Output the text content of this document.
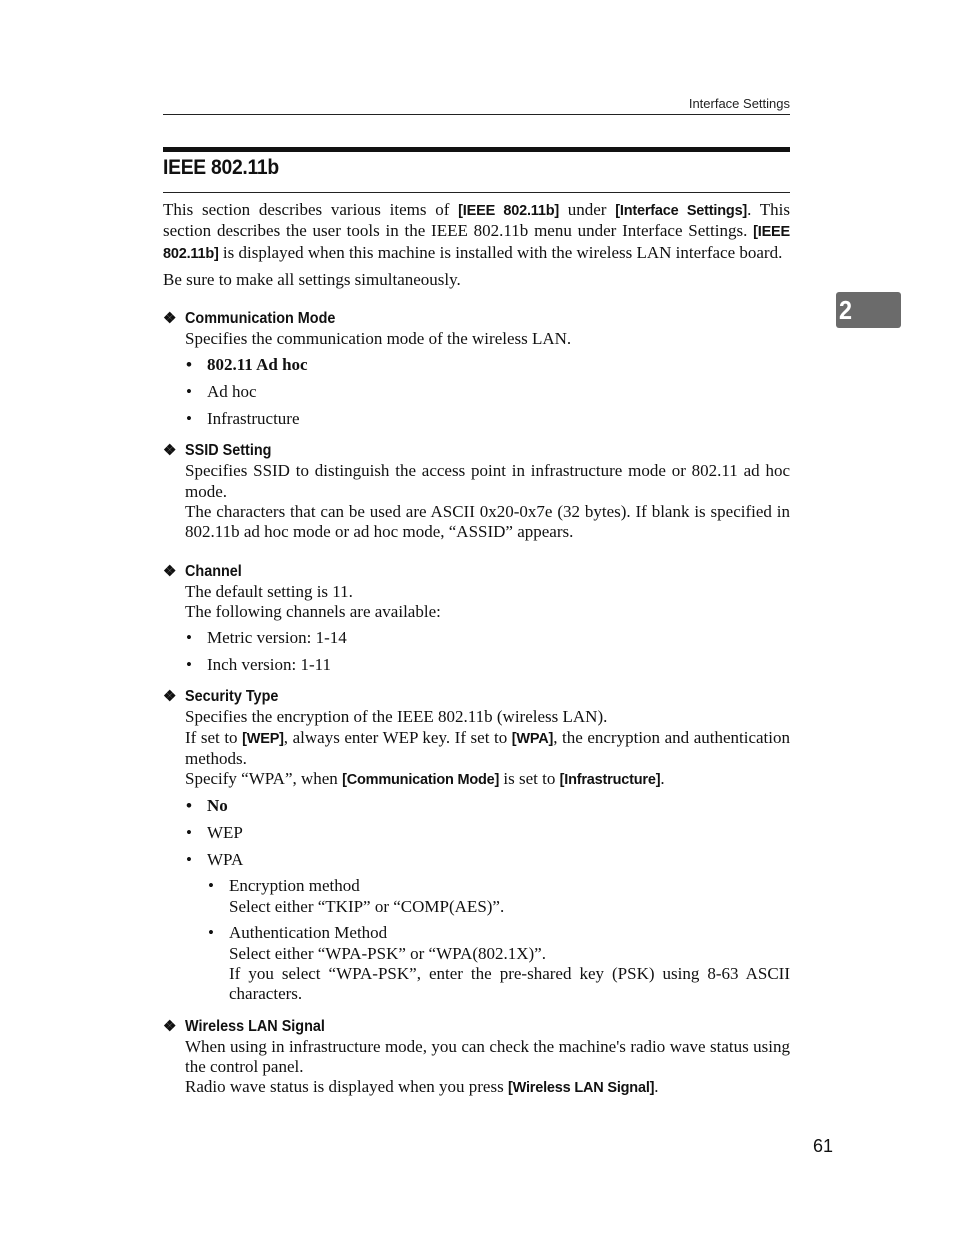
Interface Settings
IEEE 802.11b
2

This section describes various items of [IEEE 802.11b] under [Interface Settings]. This section describes the user tools in the IEEE 802.11b menu under Interface Settings. [IEEE 802.11b] is displayed when this machine is installed with the wireless LAN interface board.

Be sure to make all settings simultaneously.

❖ Communication Mode

Specifies the communication mode of the wireless LAN.

• 802.11 Ad hoc
• Ad hoc
• Infrastructure
❖ SSID Setting

Specifies SSID to distinguish the access point in infrastructure mode or 802.11 ad hoc mode.

The characters that can be used are ASCII 0x20-0x7e (32 bytes). If blank is specified in 802.11b ad hoc mode or ad hoc mode, “ASSID” appears.

❖ Channel

The default setting is 11.

The following channels are available:

• Metric version: 1-14
• Inch version: 1-11
❖ Security Type

Specifies the encryption of the IEEE 802.11b (wireless LAN).

If set to [WEP], always enter WEP key. If set to [WPA], the encryption and authentication methods.

Specify “WPA”, when [Communication Mode] is set to [Infrastructure].

• No
• WEP
• WPA
• Encryption method
Select either “TKIP” or “COMP(AES)”.
• Authentication Method
Select either “WPA-PSK” or “WPA(802.1X)”.

If you select “WPA-PSK”, enter the pre-shared key (PSK) using 8-63 ASCII characters.

❖ Wireless LAN Signal

When using in infrastructure mode, you can check the machine's radio wave status using the control panel.

Radio wave status is displayed when you press [Wireless LAN Signal].

61
